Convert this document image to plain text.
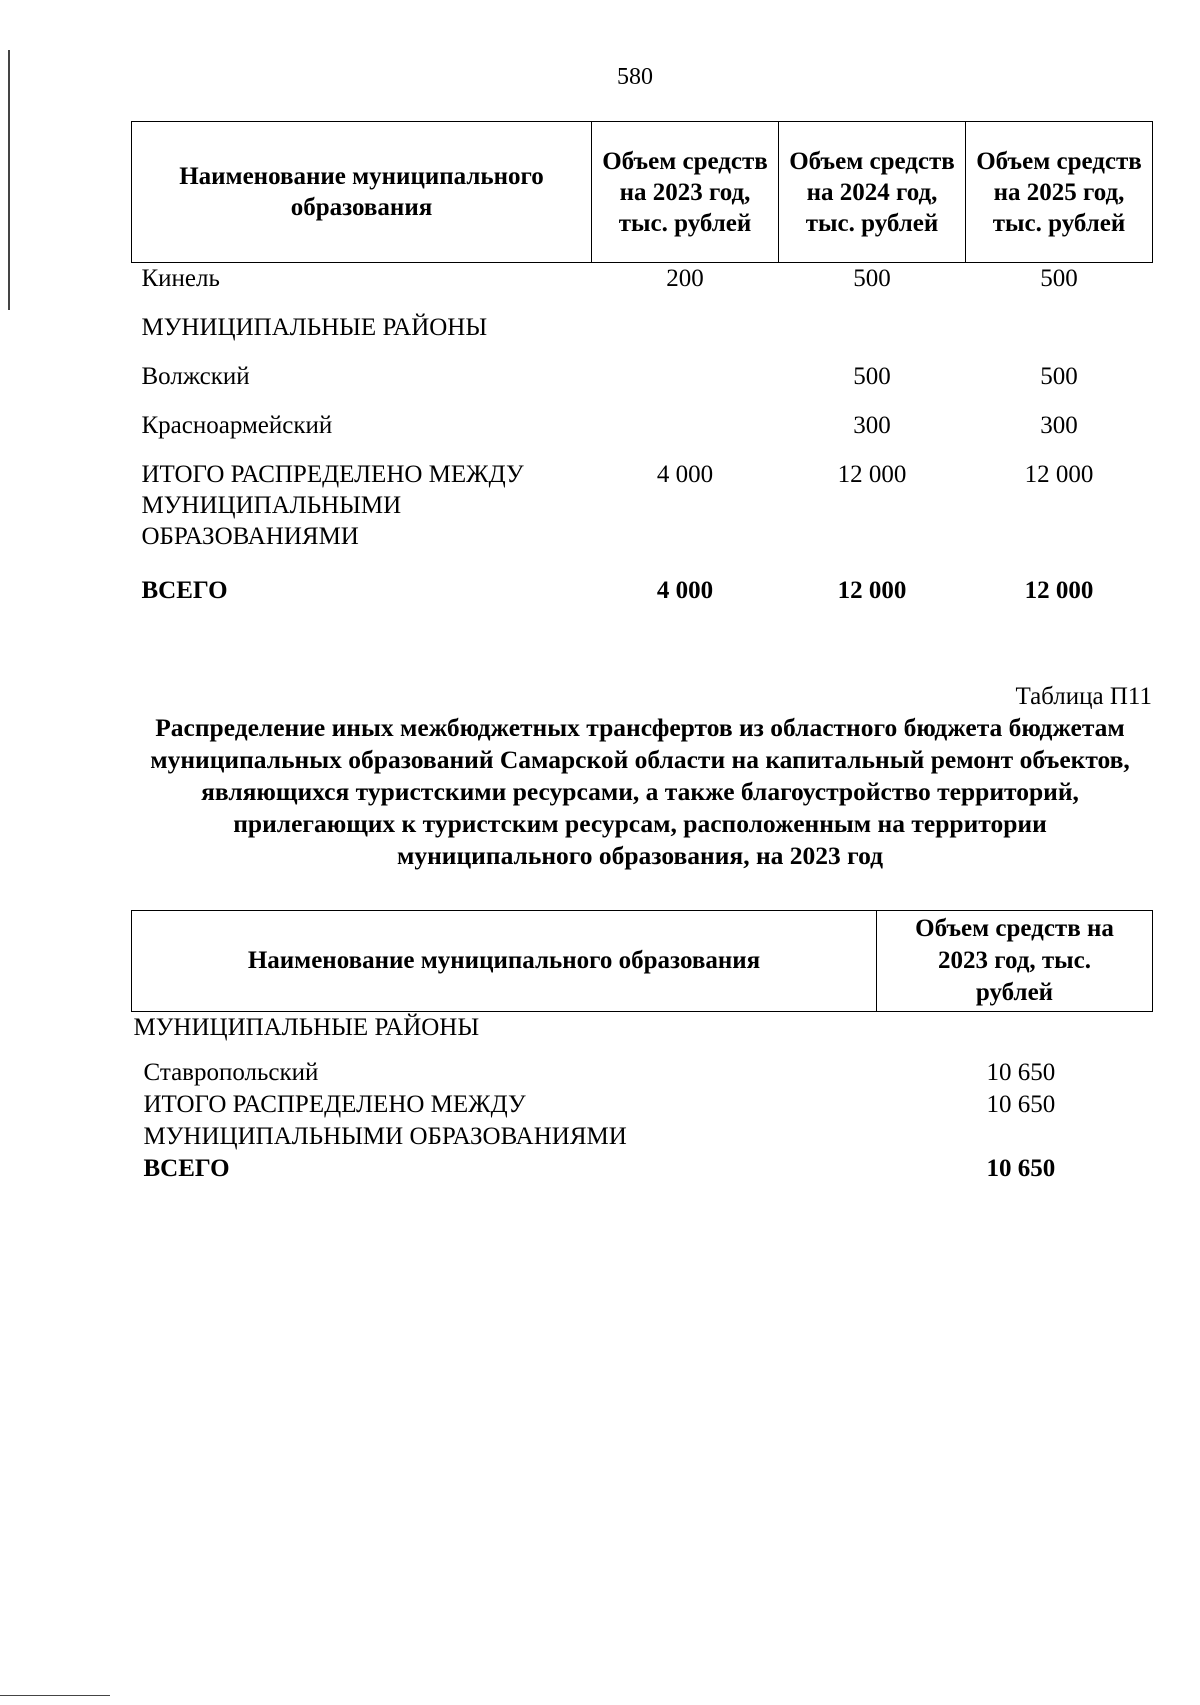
580
Наименование муниципального образования	Объем средств на 2023 год, тыс. рублей	Объем средств на 2024 год, тыс. рублей	Объем средств на 2025 год, тыс. рублей
Кинель	200	500	500
МУНИЦИПАЛЬНЫЕ РАЙОНЫ			
Волжский		500	500
Красноармейский		300	300
ИТОГО РАСПРЕДЕЛЕНО МЕЖДУ МУНИЦИПАЛЬНЫМИ ОБРАЗОВАНИЯМИ	4 000	12 000	12 000
ВСЕГО	4 000	12 000	12 000
Таблица П11
Распределение иных межбюджетных трансфертов из областного бюджета бюджетам муниципальных образований Самарской области на капитальный ремонт объектов, являющихся туристскими ресурсами, а также благоустройство территорий, прилегающих к туристским ресурсам, расположенным на территории муниципального образования, на 2023 год
Наименование муниципального образования	Объем средств на 2023 год, тыс. рублей
МУНИЦИПАЛЬНЫЕ РАЙОНЫ	
Ставропольский	10 650
ИТОГО РАСПРЕДЕЛЕНО МЕЖДУ МУНИЦИПАЛЬНЫМИ ОБРАЗОВАНИЯМИ	10 650
ВСЕГО	10 650
